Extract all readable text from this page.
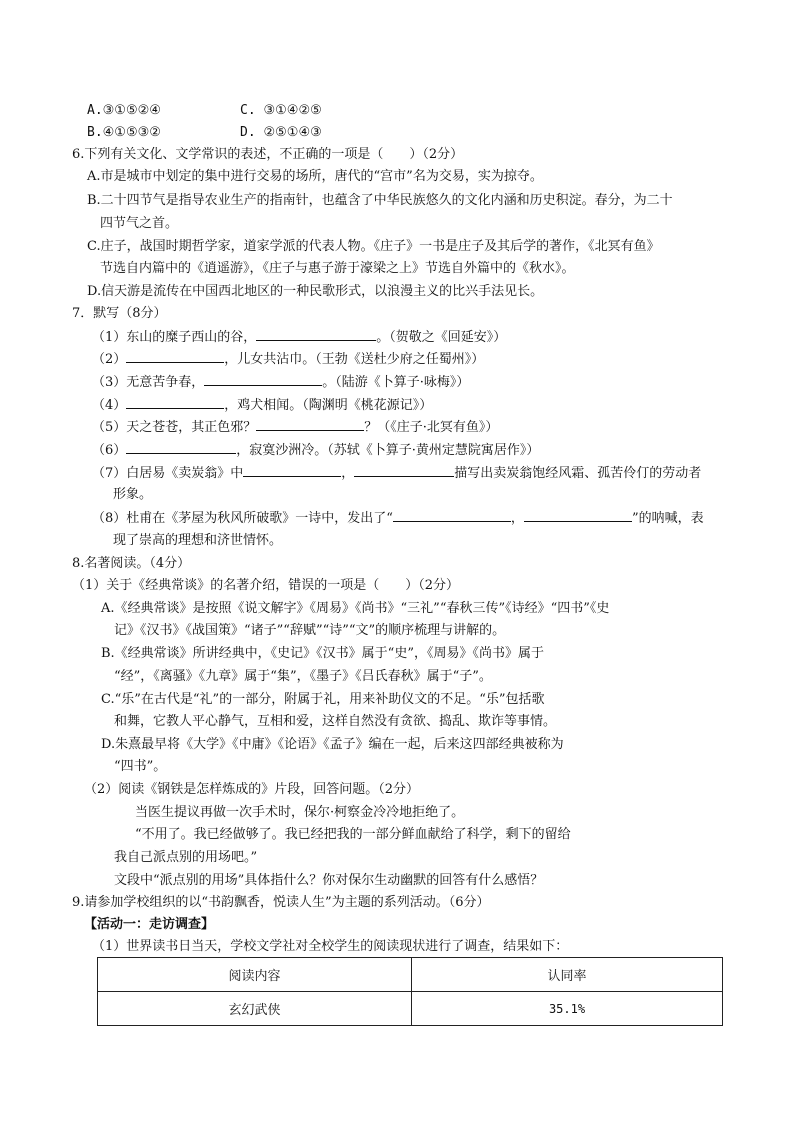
A.③①⑤②④	C. ③①④②⑤
B.④①⑤③②	D. ②⑤①④③
6.下列有关文化、文学常识的表述，不正确的一项是（　　）（2分）
A.市是城市中划定的集中进行交易的场所，唐代的“宫市”名为交易，实为掠夺。
B.二十四节气是指导农业生产的指南针，也蕴含了中华民族悠久的文化内涵和历史积淀。春分，为二十
四节气之首。
C.庄子，战国时期哲学家，道家学派的代表人物。《庄子》一书是庄子及其后学的著作，《北冥有鱼》
节选自内篇中的《逍遥游》，《庄子与惠子游于濠梁之上》节选自外篇中的《秋水》。
D.信天游是流传在中国西北地区的一种民歌形式，以浪漫主义的比兴手法见长。
7．默写（8分）
（1）东山的糜子西山的谷，	。（贺敬之《回延安》）
（2）	，儿女共沾巾。（王勃《送杜少府之任蜀州》）
（3）无意苦争春，	。（陆游《卜算子·咏梅》）
（4）	，鸡犬相闻。（陶渊明《桃花源记》）
（5）天之苍苍，其正色邪？	？（《庄子·北冥有鱼》）
（6）	，寂寞沙洲冷。（苏轼《卜算子·黄州定慧院寓居作》）
（7）白居易《卖炭翁》中	，	描写出卖炭翁饱经风霜、孤苦伶仃的劳动者
形象。
（8）杜甫在《茅屋为秋风所破歌》一诗中，发出了“	，	”的呐喊，表
现了崇高的理想和济世情怀。
8.名著阅读。（4分）
（1）关于《经典常谈》的名著介绍，错误的一项是（　　）（2分）
A.《经典常谈》是按照《说文解字》《周易》《尚书》“三礼”“春秋三传”《诗经》“四书”《史
记》《汉书》《战国策》“诸子”“辞赋”“诗”“文”的顺序梳理与讲解的。
B.《经典常谈》所讲经典中，《史记》《汉书》属于“史”，《周易》《尚书》属于
“经”，《离骚》《九章》属于“集”，《墨子》《吕氏春秋》属于“子”。
C.“乐”在古代是“礼”的一部分，附属于礼，用来补助仪文的不足。“乐”包括歌
和舞，它教人平心静气，互相和爱，这样自然没有贪欲、捣乱、欺诈等事情。
D.朱熹最早将《大学》《中庸》《论语》《孟子》编在一起，后来这四部经典被称为
“四书”。
（2）阅读《钢铁是怎样炼成的》片段，回答问题。（2分）
当医生提议再做一次手术时，保尔·柯察金冷冷地拒绝了。
“不用了。我已经做够了。我已经把我的一部分鲜血献给了科学，剩下的留给
我自己派点别的用场吧。”
文段中“派点别的用场”具体指什么？你对保尔生动幽默的回答有什么感悟？
9.请参加学校组织的以“书韵飘香，悦读人生”为主题的系列活动。（6分）
【活动一：走访调查】
（1）世界读书日当天，学校文学社对全校学生的阅读现状进行了调查，结果如下：
阅读内容	认同率
玄幻武侠	35.1%
